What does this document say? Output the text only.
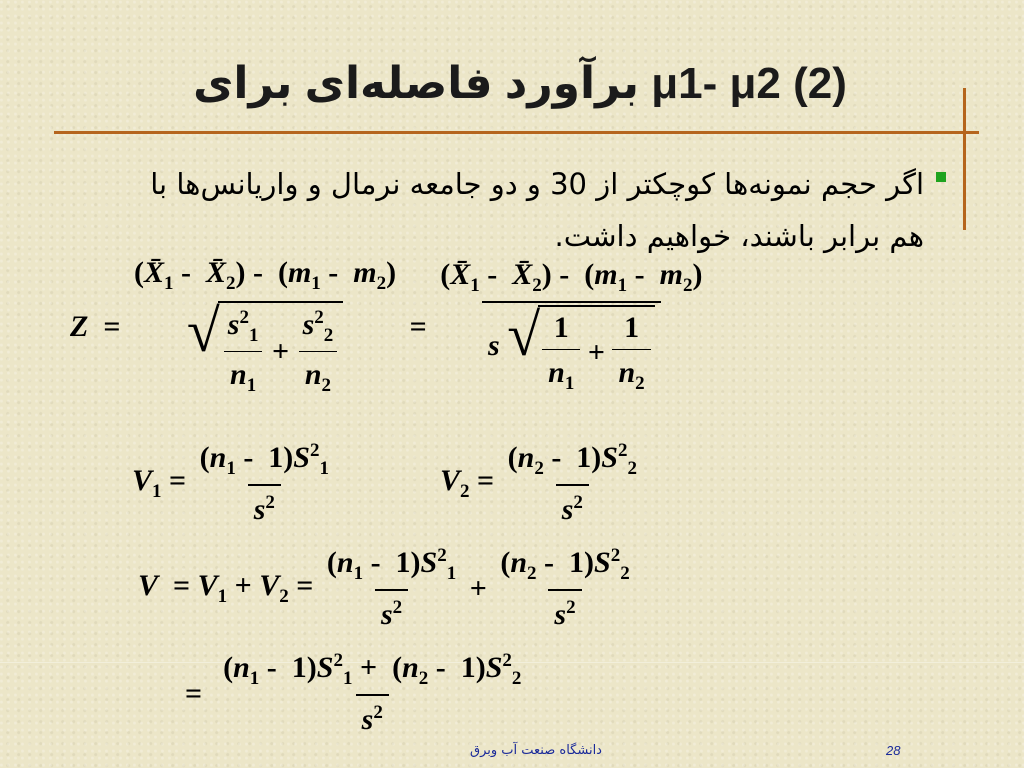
برآورد فاصله‌ای برای μ1- μ2 (2)
اگر حجم نمونه‌ها کوچکتر از 30 و دو جامعه نرمال و واریانس‌ها با هم برابر باشند، خواهیم داشت.
Z  =
($X̄_1$ -  $X̄_2) - (m_1 - m_2)$
√ $\frac{s^2_1}{n_1} + \frac{s^2_2}{n_2}$ =
($X̄_1$ -  $X̄_2) - (m_1 - m_2)$
s √ $\frac{1}{n_1} + \frac{1}{n_2}$
$V_1 = \frac{(n_1 - 1)S^2_1}{s^2}$	$V_2 = \frac{(n_2 - 1)S^2_2}{s^2}$
$V = V_1 + V_2 = \frac{(n_1 - 1)S^2_1}{s^2} + \frac{(n_2 - 1)S^2_2}{s^2}$
= $\frac{(n_1 - 1)S^2_1 + (n_2 - 1)S^2_2}{s^2}$
دانشگاه صنعت آب وبرق	28
